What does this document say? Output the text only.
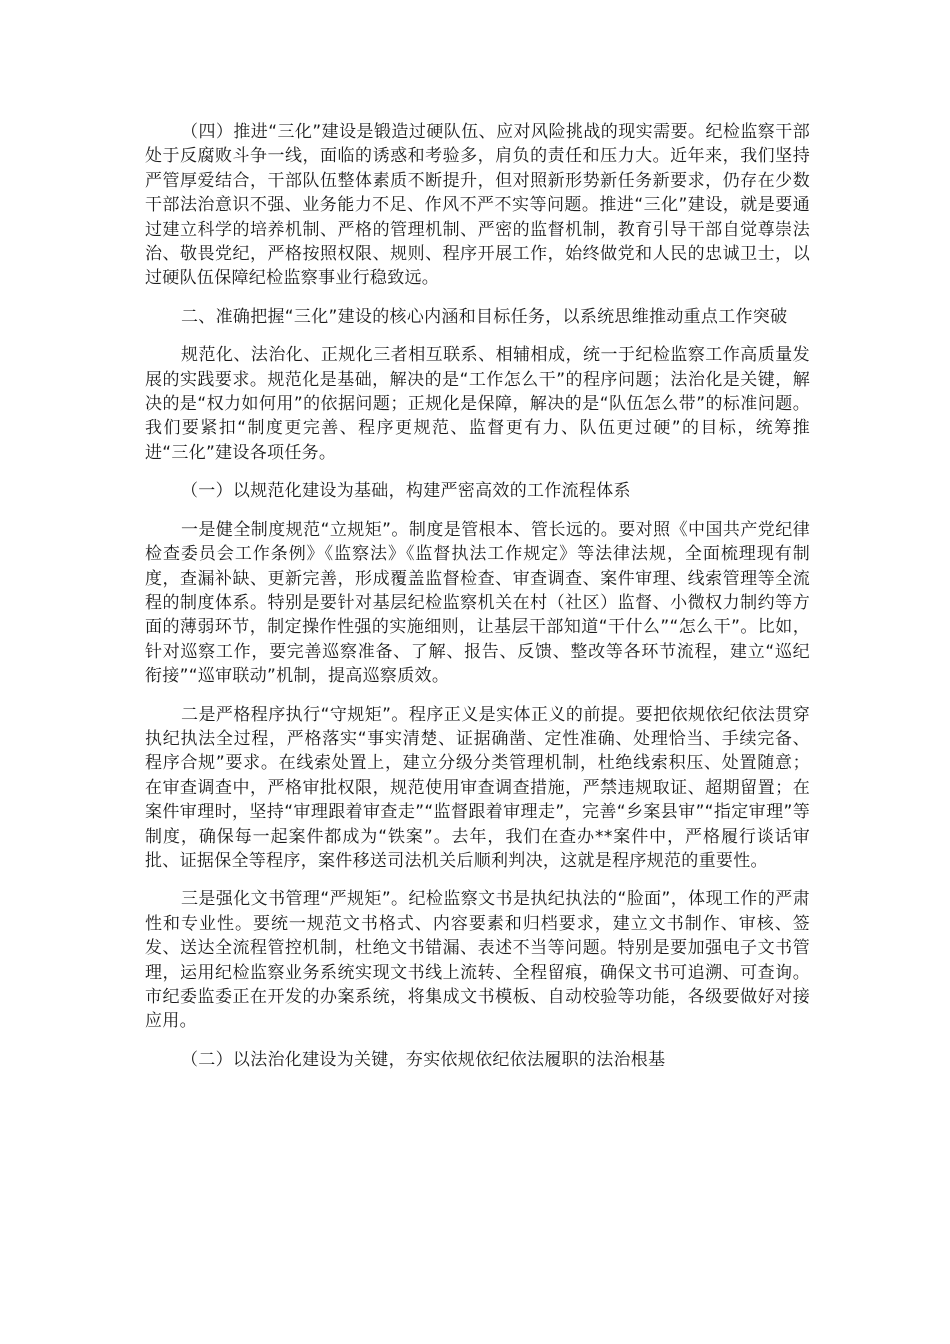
（四）推进“三化”建设是锻造过硬队伍、应对风险挑战的现实需要。纪检监察干部处于反腐败斗争一线，面临的诱惑和考验多，肩负的责任和压力大。近年来，我们坚持严管厚爱结合，干部队伍整体素质不断提升，但对照新形势新任务新要求，仍存在少数干部法治意识不强、业务能力不足、作风不严不实等问题。推进“三化”建设，就是要通过建立科学的培养机制、严格的管理机制、严密的监督机制，教育引导干部自觉尊崇法治、敬畏党纪，严格按照权限、规则、程序开展工作，始终做党和人民的忠诚卫士，以过硬队伍保障纪检监察事业行稳致远。

二、准确把握“三化”建设的核心内涵和目标任务，以系统思维推动重点工作突破

规范化、法治化、正规化三者相互联系、相辅相成，统一于纪检监察工作高质量发展的实践要求。规范化是基础，解决的是“工作怎么干”的程序问题；法治化是关键，解决的是“权力如何用”的依据问题；正规化是保障，解决的是“队伍怎么带”的标准问题。我们要紧扣“制度更完善、程序更规范、监督更有力、队伍更过硬”的目标，统筹推进“三化”建设各项任务。

（一）以规范化建设为基础，构建严密高效的工作流程体系

一是健全制度规范“立规矩”。制度是管根本、管长远的。要对照《中国共产党纪律检查委员会工作条例》《监察法》《监督执法工作规定》等法律法规，全面梳理现有制度，查漏补缺、更新完善，形成覆盖监督检查、审查调查、案件审理、线索管理等全流程的制度体系。特别是要针对基层纪检监察机关在村（社区）监督、小微权力制约等方面的薄弱环节，制定操作性强的实施细则，让基层干部知道“干什么”“怎么干”。比如，针对巡察工作，要完善巡察准备、了解、报告、反馈、整改等各环节流程，建立“巡纪衔接”“巡审联动”机制，提高巡察质效。

二是严格程序执行“守规矩”。程序正义是实体正义的前提。要把依规依纪依法贯穿执纪执法全过程，严格落实“事实清楚、证据确凿、定性准确、处理恰当、手续完备、程序合规”要求。在线索处置上，建立分级分类管理机制，杜绝线索积压、处置随意；在审查调查中，严格审批权限，规范使用审查调查措施，严禁违规取证、超期留置；在案件审理时，坚持“审理跟着审查走”“监督跟着审理走”，完善“乡案县审”“指定审理”等制度，确保每一起案件都成为“铁案”。去年，我们在查办**案件中，严格履行谈话审批、证据保全等程序，案件移送司法机关后顺利判决，这就是程序规范的重要性。

三是强化文书管理“严规矩”。纪检监察文书是执纪执法的“脸面”，体现工作的严肃性和专业性。要统一规范文书格式、内容要素和归档要求，建立文书制作、审核、签发、送达全流程管控机制，杜绝文书错漏、表述不当等问题。特别是要加强电子文书管理，运用纪检监察业务系统实现文书线上流转、全程留痕，确保文书可追溯、可查询。市纪委监委正在开发的办案系统，将集成文书模板、自动校验等功能，各级要做好对接应用。

（二）以法治化建设为关键，夯实依规依纪依法履职的法治根基
